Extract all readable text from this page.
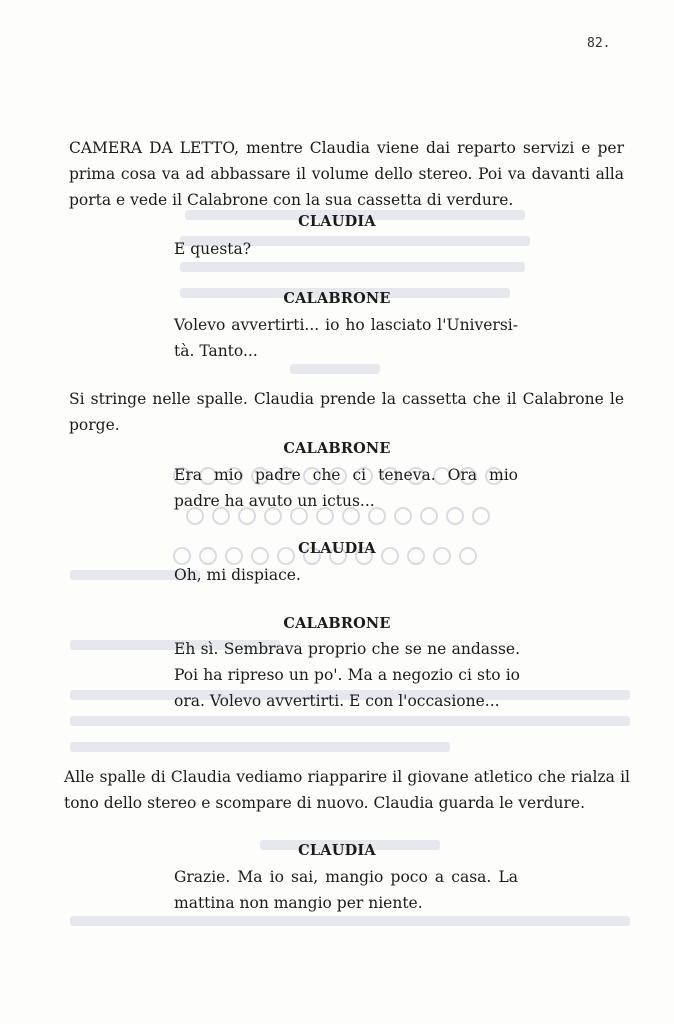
82.

CAMERA DA LETTO, mentre Claudia viene dai reparto servizi e per prima cosa va ad abbassare il volume dello stereo. Poi va davanti alla porta e vede il Calabrone con la sua cassetta di verdure.

CLAUDIA

E questa?

CALABRONE

Volevo avvertirti... io ho lasciato l'Universi-tà. Tanto...

Si stringe nelle spalle. Claudia prende la cassetta che il Calabrone le porge.

CALABRONE

Era mio padre che ci teneva. Ora mio padre ha avuto un ictus...

CLAUDIA

Oh, mi dispiace.

CALABRONE

Eh sì. Sembrava proprio che se ne andasse. Poi ha ripreso un po'. Ma a negozio ci sto io ora. Volevo avvertirti. E con l'occasione...

Alle spalle di Claudia vediamo riapparire il giovane atletico che rialza il tono dello stereo e scompare di nuovo. Claudia guarda le verdure.

CLAUDIA

Grazie. Ma io sai, mangio poco a casa. La mattina non mangio per niente.
